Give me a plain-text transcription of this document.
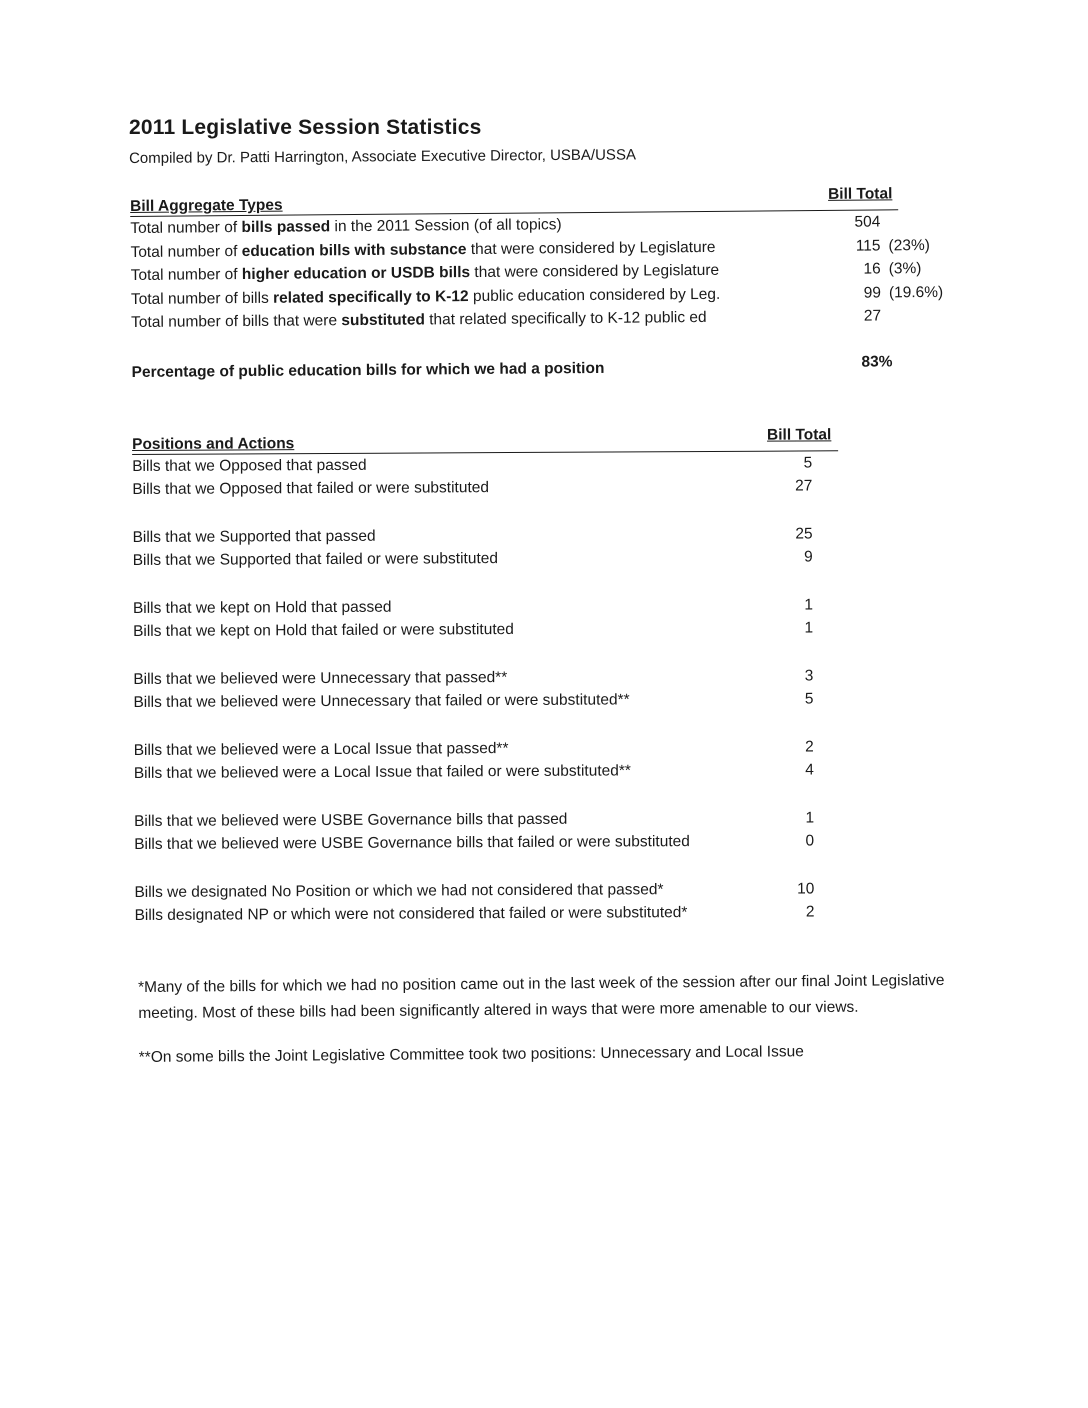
2011 Legislative Session Statistics
Compiled by Dr. Patti Harrington, Associate Executive Director, USBA/USSA
Bill Aggregate Types
Bill Total
Total number of bills passed in the 2011 Session (of all topics)	504
Total number of education bills with substance that were considered by Legislature	115 (23%)
Total number of higher education or USDB bills that were considered by Legislature	16 (3%)
Total number of bills related specifically to K-12 public education considered by Leg.	99 (19.6%)
Total number of bills that were substituted that related specifically to K-12 public ed	27
Percentage of public education bills for which we had a position	83%
Positions and Actions
Bill Total
Bills that we Opposed that passed	5
Bills that we Opposed that failed or were substituted	27
Bills that we Supported that passed	25
Bills that we Supported that failed or were substituted	9
Bills that we kept on Hold that passed	1
Bills that we kept on Hold that failed or were substituted	1
Bills that we believed were Unnecessary that passed**	3
Bills that we believed were Unnecessary that failed or were substituted**	5
Bills that we believed were a Local Issue that passed**	2
Bills that we believed were a Local Issue that failed or were substituted**	4
Bills that we believed were USBE Governance bills that passed	1
Bills that we believed were USBE Governance bills that failed or were substituted	0
Bills we designated No Position or which we had not considered that passed*	10
Bills designated NP or which were not considered that failed or were substituted*	2

*Many of the bills for which we had no position came out in the last week of the session after our final Joint Legislative meeting. Most of these bills had been significantly altered in ways that were more amenable to our views.

**On some bills the Joint Legislative Committee took two positions: Unnecessary and Local Issue
